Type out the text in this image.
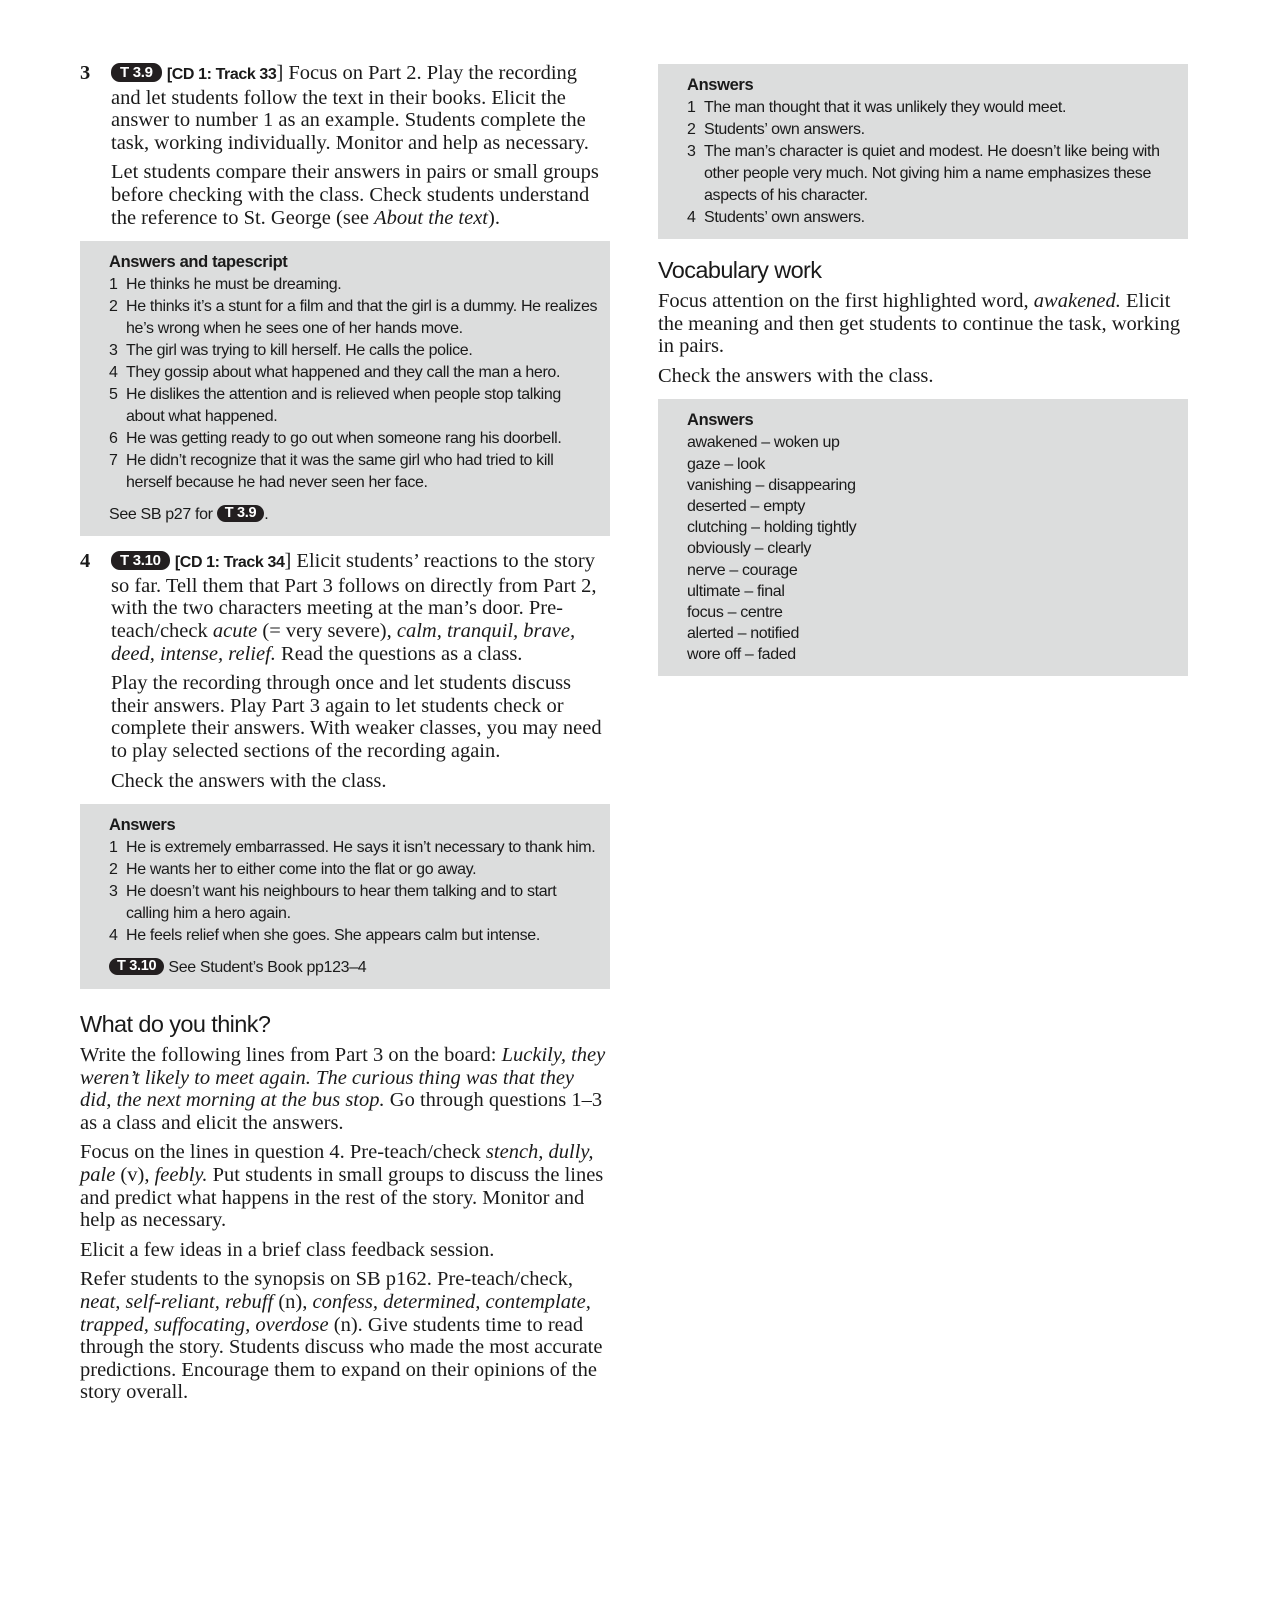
3 T 3.9 [CD 1: Track 33] Focus on Part 2. Play the recording and let students follow the text in their books. Elicit the answer to number 1 as an example. Students complete the task, working individually. Monitor and help as necessary.

Let students compare their answers in pairs or small groups before checking with the class. Check students understand the reference to St. George (see About the text).

Answers and tapescript
1 He thinks he must be dreaming.
2 He thinks it’s a stunt for a film and that the girl is a dummy. He realizes he’s wrong when he sees one of her hands move.
3 The girl was trying to kill herself. He calls the police.
4 They gossip about what happened and they call the man a hero.
5 He dislikes the attention and is relieved when people stop talking about what happened.
6 He was getting ready to go out when someone rang his doorbell.
7 He didn’t recognize that it was the same girl who had tried to kill herself because he had never seen her face.
See SB p27 for T 3.9 .
4 T 3.10 [CD 1: Track 34] Elicit students’ reactions to the story so far. Tell them that Part 3 follows on directly from Part 2, with the two characters meeting at the man’s door. Pre-teach/check acute (= very severe), calm, tranquil, brave, deed, intense, relief. Read the questions as a class.

Play the recording through once and let students discuss their answers. Play Part 3 again to let students check or complete their answers. With weaker classes, you may need to play selected sections of the recording again.

Check the answers with the class.

Answers
1 He is extremely embarrassed. He says it isn’t necessary to thank him.
2 He wants her to either come into the flat or go away.
3 He doesn’t want his neighbours to hear them talking and to start calling him a hero again.
4 He feels relief when she goes. She appears calm but intense.
T 3.10 See Student’s Book pp123–4
What do you think?

Write the following lines from Part 3 on the board: Luckily, they weren’t likely to meet again. The curious thing was that they did, the next morning at the bus stop. Go through questions 1–3 as a class and elicit the answers.

Focus on the lines in question 4. Pre-teach/check stench, dully, pale (v), feebly. Put students in small groups to discuss the lines and predict what happens in the rest of the story. Monitor and help as necessary.

Elicit a few ideas in a brief class feedback session.

Refer students to the synopsis on SB p162. Pre-teach/check, neat, self-reliant, rebuff (n), confess, determined, contemplate, trapped, suffocating, overdose (n). Give students time to read through the story. Students discuss who made the most accurate predictions. Encourage them to expand on their opinions of the story overall.

Answers
1 The man thought that it was unlikely they would meet.
2 Students’ own answers.
3 The man’s character is quiet and modest. He doesn’t like being with other people very much. Not giving him a name emphasizes these aspects of his character.
4 Students’ own answers.
Vocabulary work

Focus attention on the first highlighted word, awakened. Elicit the meaning and then get students to continue the task, working in pairs.

Check the answers with the class.

Answers
awakened – woken up
gaze – look
vanishing – disappearing
deserted – empty
clutching – holding tightly
obviously – clearly
nerve – courage
ultimate – final
focus – centre
alerted – notified
wore off – faded
